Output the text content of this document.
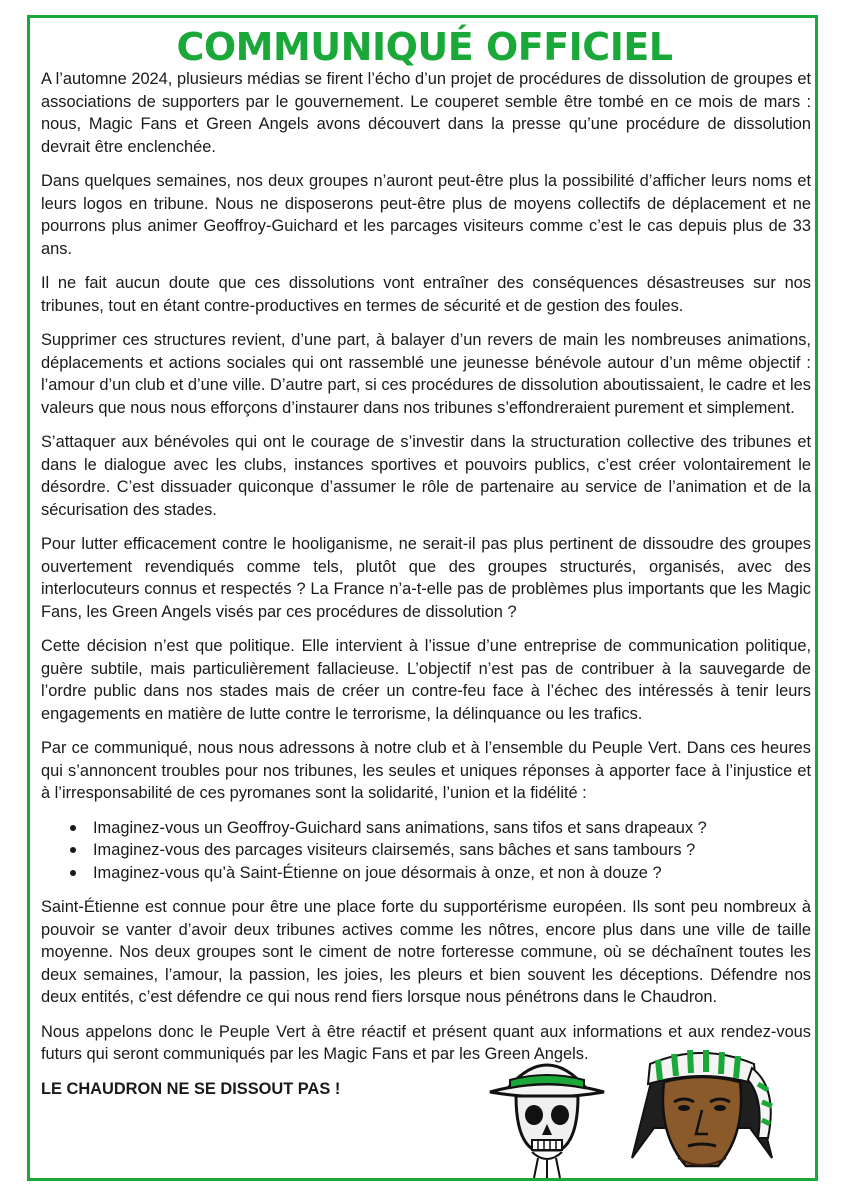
COMMUNIQUÉ OFFICIEL

A l’automne 2024, plusieurs médias se firent l’écho d’un projet de procédures de dissolution de groupes et associations de supporters par le gouvernement. Le couperet semble être tombé en ce mois de mars : nous, Magic Fans et Green Angels avons découvert dans la presse qu’une procédure de dissolution devrait être enclenchée.

Dans quelques semaines, nos deux groupes n’auront peut-être plus la possibilité d’afficher leurs noms et leurs logos en tribune. Nous ne disposerons peut-être plus de moyens collectifs de déplacement et ne pourrons plus animer Geoffroy-Guichard et les parcages visiteurs comme c’est le cas depuis plus de 33 ans.

Il ne fait aucun doute que ces dissolutions vont entraîner des conséquences désastreuses sur nos tribunes, tout en étant contre-productives en termes de sécurité et de gestion des foules.

Supprimer ces structures revient, d’une part, à balayer d’un revers de main les nombreuses animations, déplacements et actions sociales qui ont rassemblé une jeunesse bénévole autour d’un même objectif : l’amour d’un club et d’une ville. D’autre part, si ces procédures de dissolution aboutissaient, le cadre et les valeurs que nous nous efforçons d’instaurer dans nos tribunes s’effondreraient purement et simplement.

S’attaquer aux bénévoles qui ont le courage de s’investir dans la structuration collective des tribunes et dans le dialogue avec les clubs, instances sportives et pouvoirs publics, c’est créer volontairement le désordre. C’est dissuader quiconque d’assumer le rôle de partenaire au service de l’animation et de la sécurisation des stades.

Pour lutter efficacement contre le hooliganisme, ne serait-il pas plus pertinent de dissoudre des groupes ouvertement revendiqués comme tels, plutôt que des groupes structurés, organisés, avec des interlocuteurs connus et respectés ? La France n’a-t-elle pas de problèmes plus importants que les Magic Fans, les Green Angels visés par ces procédures de dissolution ?

Cette décision n’est que politique. Elle intervient à l’issue d’une entreprise de communication politique, guère subtile, mais particulièrement fallacieuse. L’objectif n’est pas de contribuer à la sauvegarde de l’ordre public dans nos stades mais de créer un contre-feu face à l’échec des intéressés à tenir leurs engagements en matière de lutte contre le terrorisme, la délinquance ou les trafics.

Par ce communiqué, nous nous adressons à notre club et à l’ensemble du Peuple Vert. Dans ces heures qui s’annoncent troubles pour nos tribunes, les seules et uniques réponses à apporter face à l’injustice et à l’irresponsabilité de ces pyromanes sont la solidarité, l’union et la fidélité :

Imaginez-vous un Geoffroy-Guichard sans animations, sans tifos et sans drapeaux ?
Imaginez-vous des parcages visiteurs clairsemés, sans bâches et sans tambours ?
Imaginez-vous qu’à Saint-Étienne on joue désormais à onze, et non à douze ?

Saint-Étienne est connue pour être une place forte du supportérisme européen. Ils sont peu nombreux à pouvoir se vanter d’avoir deux tribunes actives comme les nôtres, encore plus dans une ville de taille moyenne. Nos deux groupes sont le ciment de notre forteresse commune, où se déchaînent toutes les deux semaines, l’amour, la passion, les joies, les pleurs et bien souvent les déceptions. Défendre nos deux entités, c’est défendre ce qui nous rend fiers lorsque nous pénétrons dans le Chaudron.

Nous appelons donc le Peuple Vert à être réactif et présent quant aux informations et aux rendez-vous futurs qui seront communiqués par les Magic Fans et par les Green Angels.

LE CHAUDRON NE SE DISSOUT PAS !
